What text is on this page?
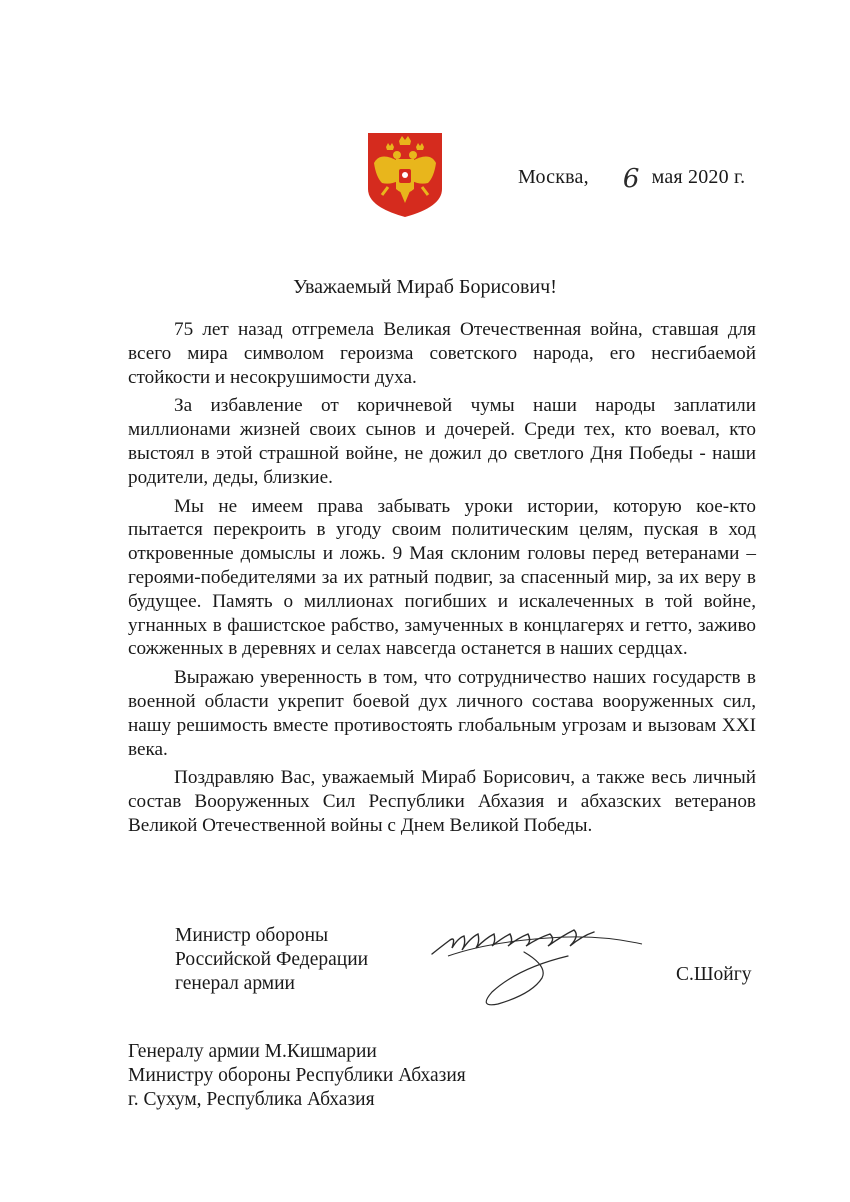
Москва, 6 мая 2020 г.
Уважаемый Мираб Борисович!

75 лет назад отгремела Великая Отечественная война, ставшая для всего мира символом героизма советского народа, его несгибаемой стойкости и несокрушимости духа.

За избавление от коричневой чумы наши народы заплатили миллионами жизней своих сынов и дочерей. Среди тех, кто воевал, кто выстоял в этой страшной войне, не дожил до светлого Дня Победы - наши родители, деды, близкие.

Мы не имеем права забывать уроки истории, которую кое-кто пытается перекроить в угоду своим политическим целям, пуская в ход откровенные домыслы и ложь. 9 Мая склоним головы перед ветеранами – героями-победителями за их ратный подвиг, за спасенный мир, за их веру в будущее. Память о миллионах погибших и искалеченных в той войне, угнанных в фашистское рабство, замученных в концлагерях и гетто, заживо сожженных в деревнях и селах навсегда останется в наших сердцах.

Выражаю уверенность в том, что сотрудничество наших государств в военной области укрепит боевой дух личного состава вооруженных сил, нашу решимость вместе противостоять глобальным угрозам и вызовам XXI века.

Поздравляю Вас, уважаемый Мираб Борисович, а также весь личный состав Вооруженных Сил Республики Абхазия и абхазских ветеранов Великой Отечественной войны с Днем Великой Победы.

Министр обороны
Российской Федерации
генерал армии	С.Шойгу
Генералу армии М.Кишмарии
Министру обороны Республики Абхазия
г. Сухум, Республика Абхазия
